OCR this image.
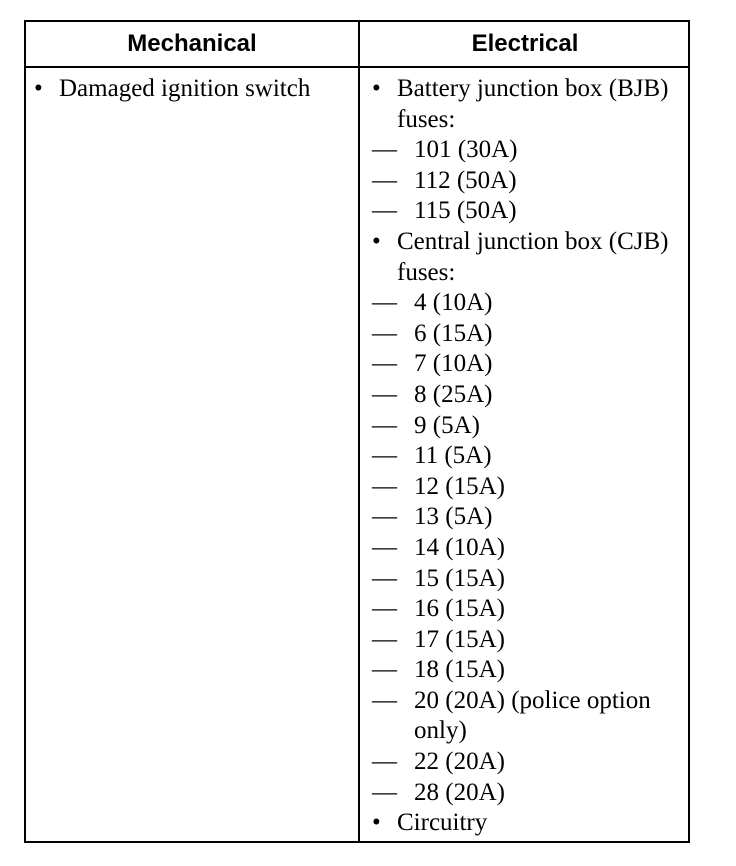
Mechanical	Electrical
• Damaged ignition switch	• Battery junction box (BJB) fuses:
— 101 (30A)
— 112 (50A)
— 115 (50A)
• Central junction box (CJB) fuses:
— 4 (10A)
— 6 (15A)
— 7 (10A)
— 8 (25A)
— 9 (5A)
— 11 (5A)
— 12 (15A)
— 13 (5A)
— 14 (10A)
— 15 (15A)
— 16 (15A)
— 17 (15A)
— 18 (15A)
— 20 (20A) (police option only)
— 22 (20A)
— 28 (20A)
• Circuitry
